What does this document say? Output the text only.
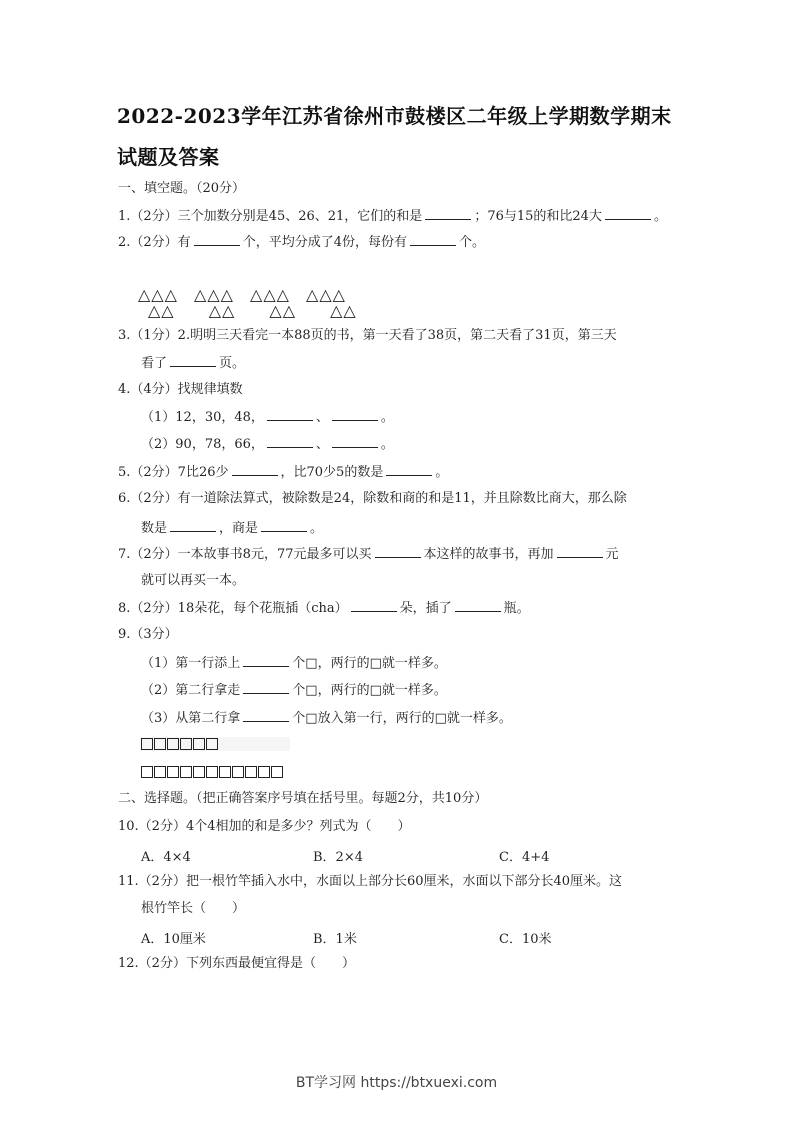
2022-2023学年江苏省徐州市鼓楼区二年级上学期数学期末
试题及答案
一、填空题。（20分）
1.（2分）三个加数分别是45、26、21，它们的和是	；76与15的和比24大	。
2.（2分）有	个，平均分成了4份，每份有	个。
△△△ △△△ △△△ △△△
△△ △△ △△ △△
3.（1分）2.明明三天看完一本88页的书，第一天看了38页，第二天看了31页，第三天
看了	页。
4.（4分）找规律填数
（1）12，30，48，	、	。
（2）90，78，66，	、	。
5.（2分）7比26少	，比70少5的数是	。
6.（2分）有一道除法算式，被除数是24，除数和商的和是11，并且除数比商大，那么除
数是	，商是	。
7.（2分）一本故事书8元，77元最多可以买	本这样的故事书，再加	元
就可以再买一本。
8.（2分）18朵花，每个花瓶插（cha）	朵，插了	瓶。
9.（3分）
（1）第一行添上	个□，两行的□就一样多。
（2）第二行拿走	个□，两行的□就一样多。
（3）从第二行拿	个□放入第一行，两行的□就一样多。
二、选择题。（把正确答案序号填在括号里。每题2分，共10分）
10.（2分）4个4相加的和是多少？列式为（　　）
A．4×4	B．2×4	C．4+4
11.（2分）把一根竹竿插入水中，水面以上部分长60厘米，水面以下部分长40厘米。这
根竹竿长（　　）
A．10厘米	B．1米	C．10米
12.（2分）下列东西最便宜得是（　　）
BT学习网 https://btxuexi.com
